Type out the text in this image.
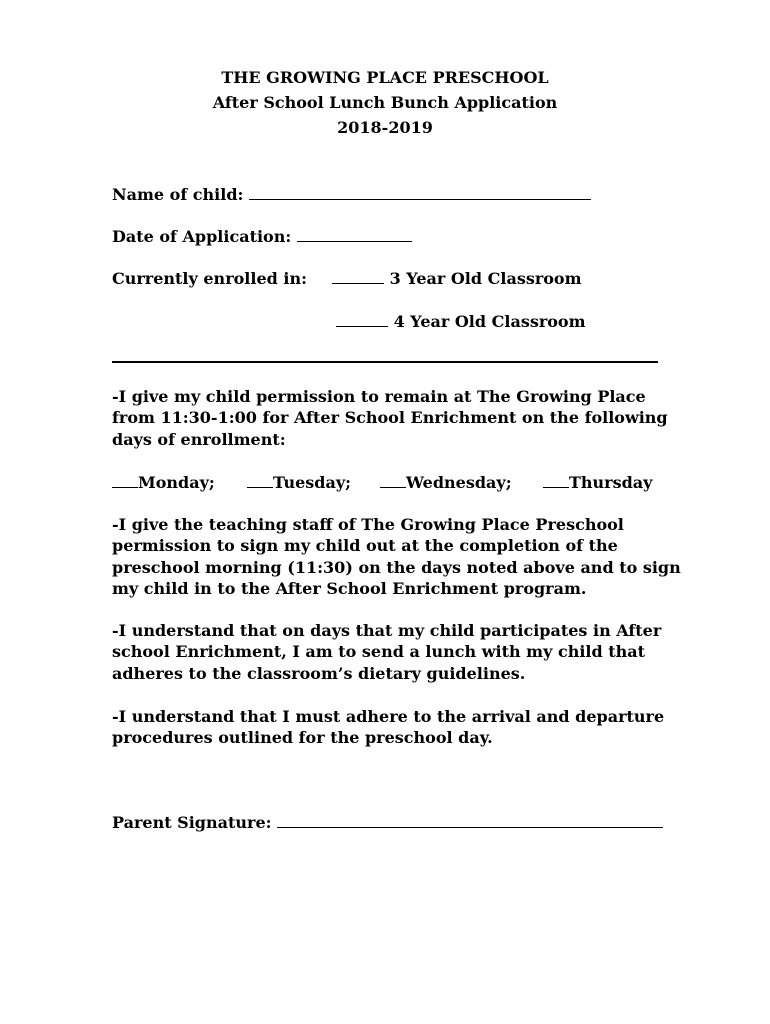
THE GROWING PLACE PRESCHOOL
After School Lunch Bunch Application
2018-2019
Name of child:
Date of Application:
Currently enrolled in:	3 Year Old Classroom
4 Year Old Classroom
-I give my child permission to remain at The Growing Place
from 11:30-1:00 for After School Enrichment on the following
days of enrollment:
Monday;	Tuesday;	Wednesday;	Thursday
-I give the teaching staff of The Growing Place Preschool
permission to sign my child out at the completion of the
preschool morning (11:30) on the days noted above and to sign
my child in to the After School Enrichment program.
-I understand that on days that my child participates in After
school Enrichment, I am to send a lunch with my child that
adheres to the classroom’s dietary guidelines.
-I understand that I must adhere to the arrival and departure
procedures outlined for the preschool day.
Parent Signature:
